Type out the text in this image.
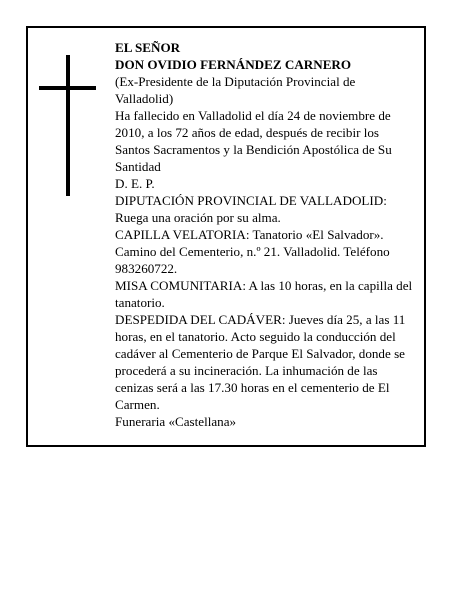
EL SEÑOR

DON OVIDIO FERNÁNDEZ CARNERO

(Ex-Presidente de la Diputación Provincial de Valladolid)

Ha fallecido en Valladolid el día 24 de noviembre de 2010, a los 72 años de edad, después de recibir los Santos Sacramentos y la Bendición Apostólica de Su Santidad

D. E. P.

DIPUTACIÓN PROVINCIAL DE VALLADOLID: Ruega una oración por su alma.

CAPILLA VELATORIA: Tanatorio «El Salvador». Camino del Cementerio, n.º 21. Valladolid. Teléfono 983260722.

MISA COMUNITARIA: A las 10 horas, en la capilla del tanatorio.

DESPEDIDA DEL CADÁVER: Jueves día 25, a las 11 horas, en el tanatorio. Acto seguido la conducción del cadáver al Cementerio de Parque El Salvador, donde se procederá a su incineración. La inhumación de las cenizas será a las 17.30 horas en el cementerio de El Carmen.

Funeraria «Castellana»
